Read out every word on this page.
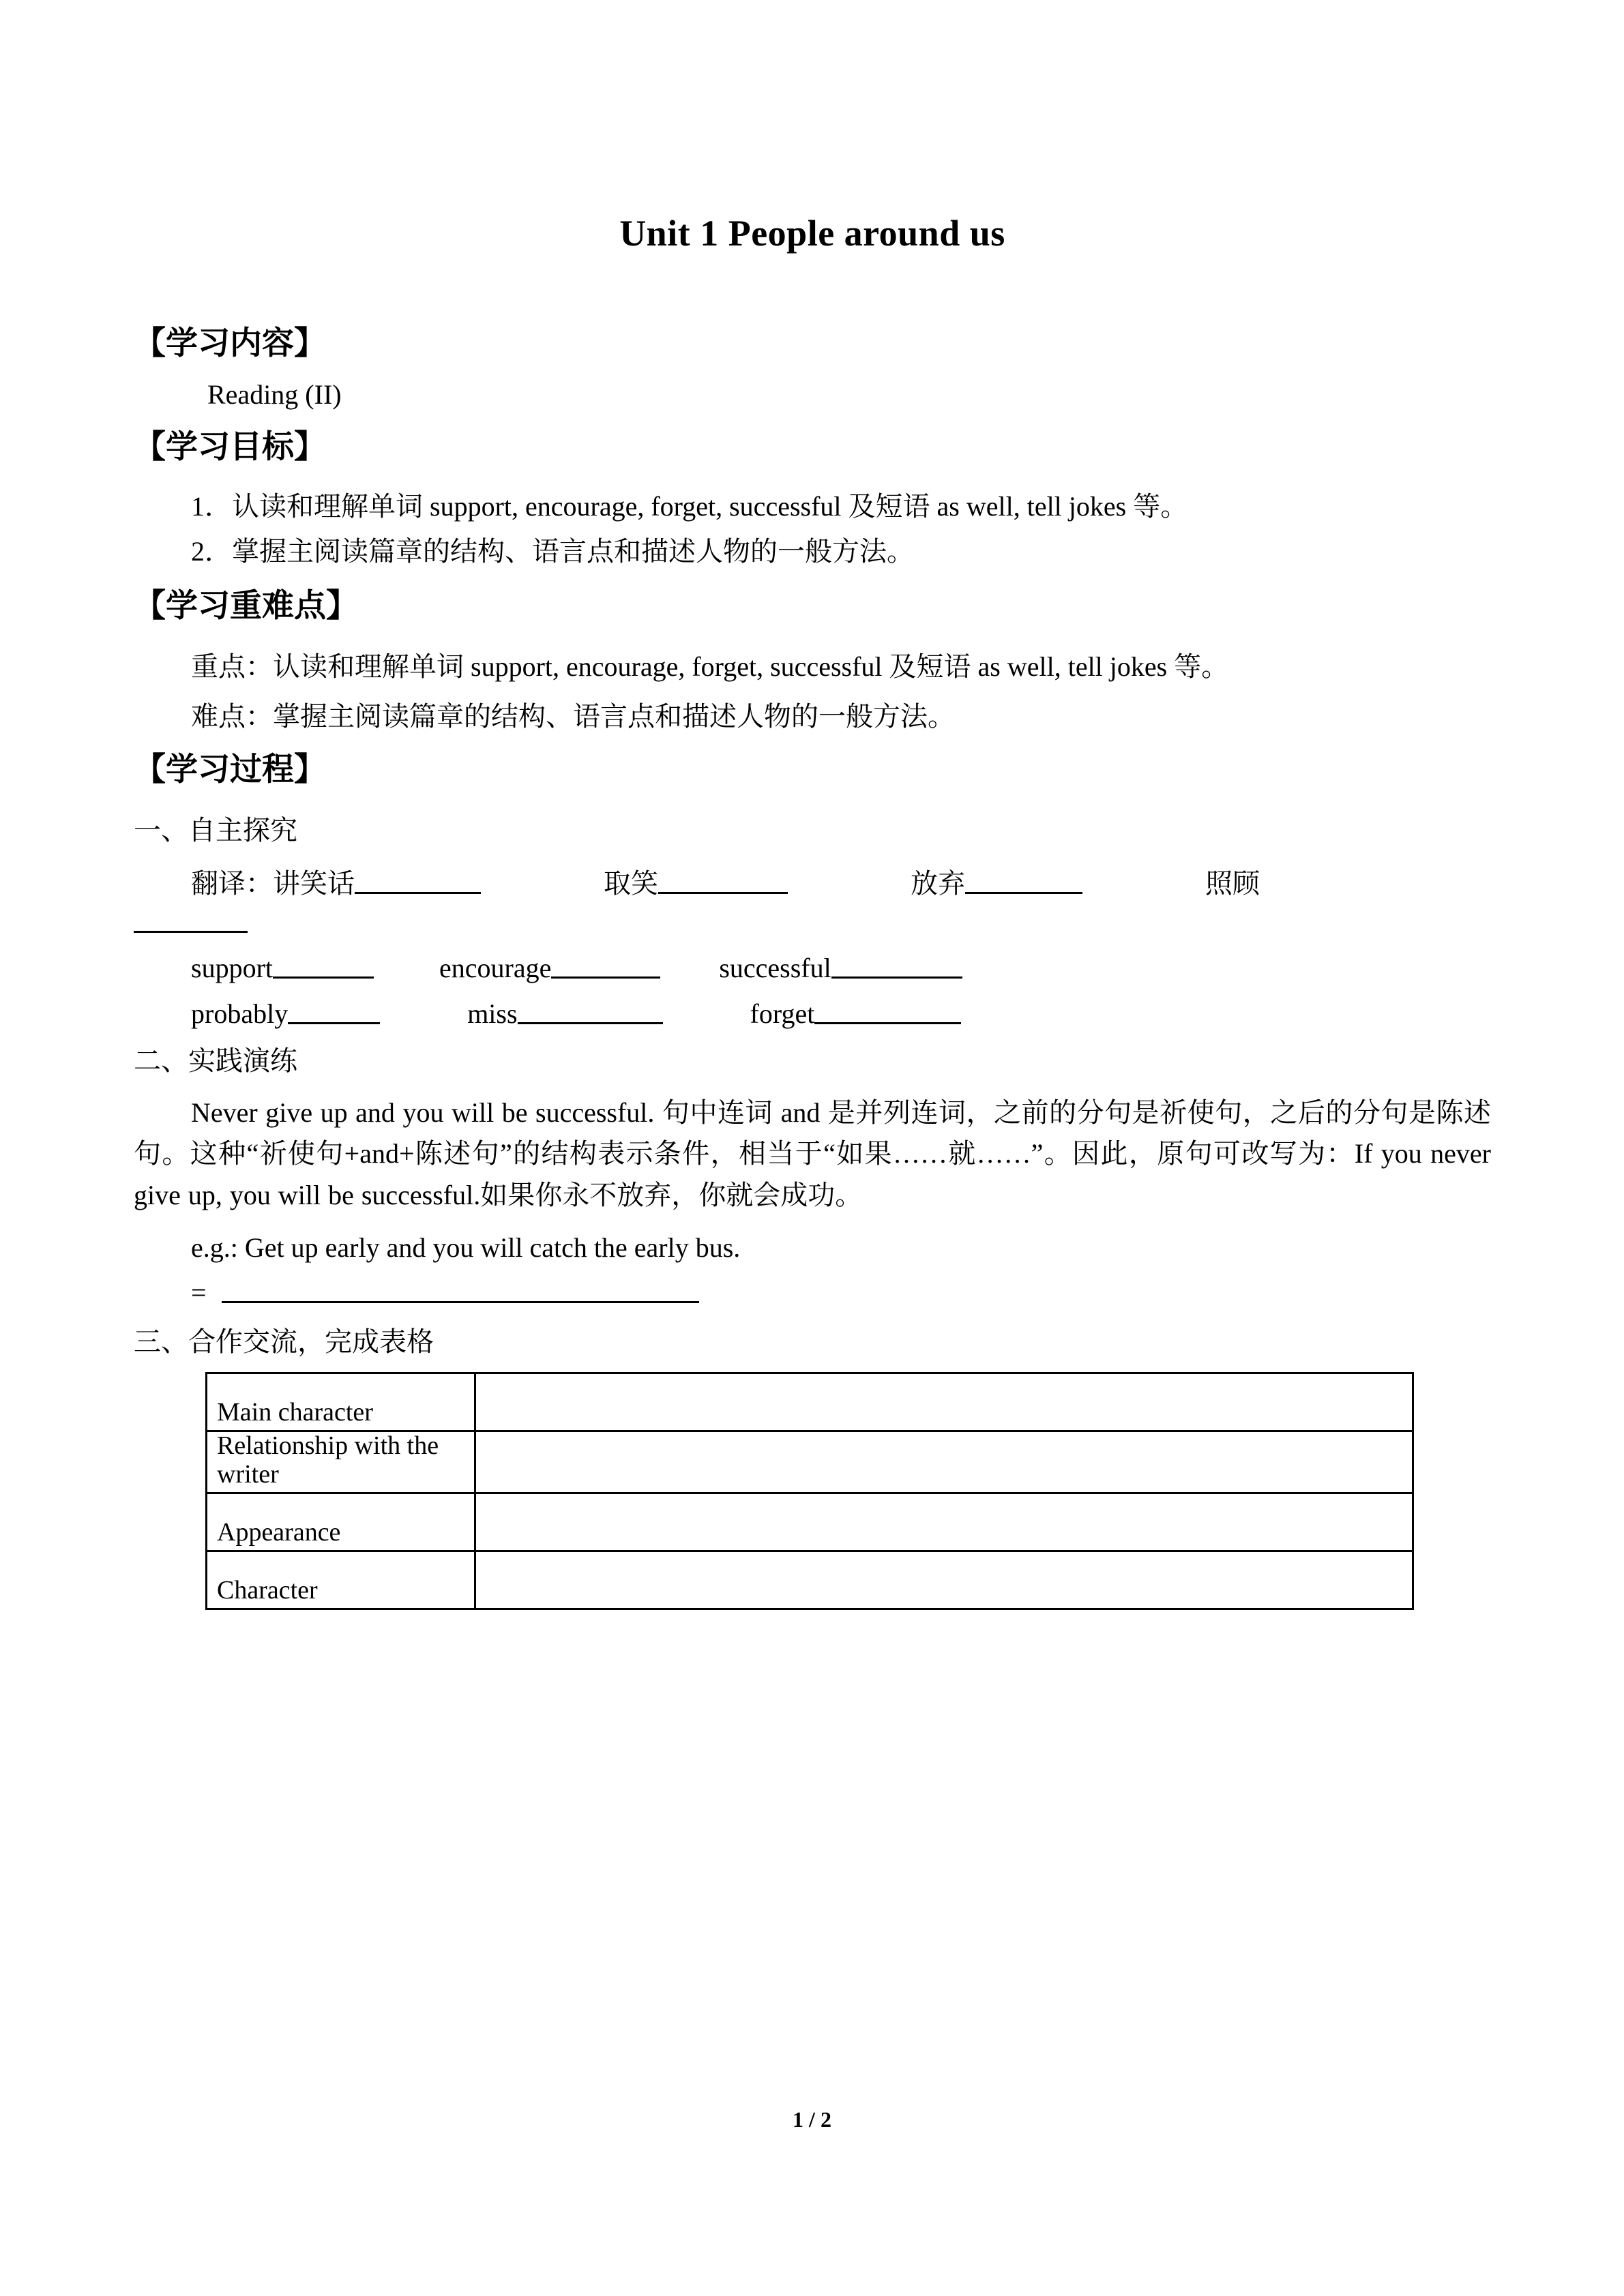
Unit 1 People around us
【学习内容】
Reading (II)
【学习目标】
1．认读和理解单词 support, encourage, forget, successful 及短语 as well, tell jokes 等。
2．掌握主阅读篇章的结构、语言点和描述人物的一般方法。
【学习重难点】
重点：认读和理解单词 support, encourage, forget, successful 及短语 as well, tell jokes 等。
难点：掌握主阅读篇章的结构、语言点和描述人物的一般方法。
【学习过程】
一、自主探究
翻译：讲笑话	取笑	放弃	照顾
support	encourage	successful
probably	miss	forget
二、实践演练
Never give up and you will be successful. 句中连词 and 是并列连词，之前的分句是祈使句，之后的分句是陈述句。这种“祈使句+and+陈述句”的结构表示条件，相当于“如果……就……”。因此，原句可改写为：If you never give up, you will be successful.如果你永不放弃，你就会成功。
e.g.: Get up early and you will catch the early bus.
=
三、合作交流，完成表格
Main character	
Relationship with the writer	
Appearance	
Character	
1 / 2
